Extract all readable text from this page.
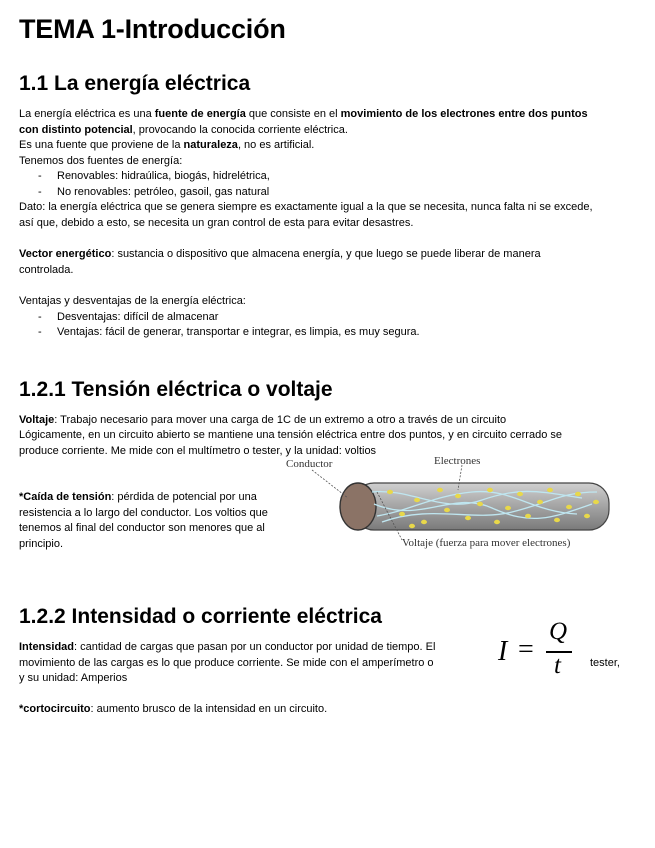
TEMA 1-Introducción
1.1 La energía eléctrica
La energía eléctrica es una fuente de energía que consiste en el movimiento de los electrones entre dos puntos con distinto potencial, provocando la conocida corriente eléctrica.
Es una fuente que proviene de la naturaleza, no es artificial.
Tenemos dos fuentes de energía:
- Renovables: hidraúlica, biogás, hidrelétrica,
- No renovables: petróleo, gasoil, gas natural
Dato: la energía eléctrica que se genera siempre es exactamente igual a la que se necesita, nunca falta ni se excede, así que, debido a esto, se necesita un gran control de esta para evitar desastres.
Vector energético: sustancia o dispositivo que almacena energía, y que luego se puede liberar de manera controlada.
Ventajas y desventajas de la energía eléctrica:
- Desventajas: difícil de almacenar
- Ventajas: fácil de generar, transportar e integrar, es limpia, es muy segura.
1.2.1 Tensión eléctrica o voltaje
Voltaje: Trabajo necesario para mover una carga de 1C de un extremo a otro a través de un circuito
Lógicamente, en un circuito abierto se mantiene una tensión eléctrica entre dos puntos, y en circuito cerrado se produce corriente. Me mide con el multímetro o tester, y la unidad: voltios
*Caída de tensión: pérdida de potencial por una resistencia a lo largo del conductor. Los voltios que tenemos al final del conductor son menores que al principio.
Conductor	Electrones
Voltaje (fuerza para mover electrones)
1.2.2 Intensidad o corriente eléctrica
Intensidad: cantidad de cargas que pasan por un conductor por unidad de tiempo. El movimiento de las cargas es lo que produce corriente. Se mide con el amperímetro o
y su unidad: Amperios
I =
Q
t	tester,
*cortocircuito: aumento brusco de la intensidad en un circuito.
